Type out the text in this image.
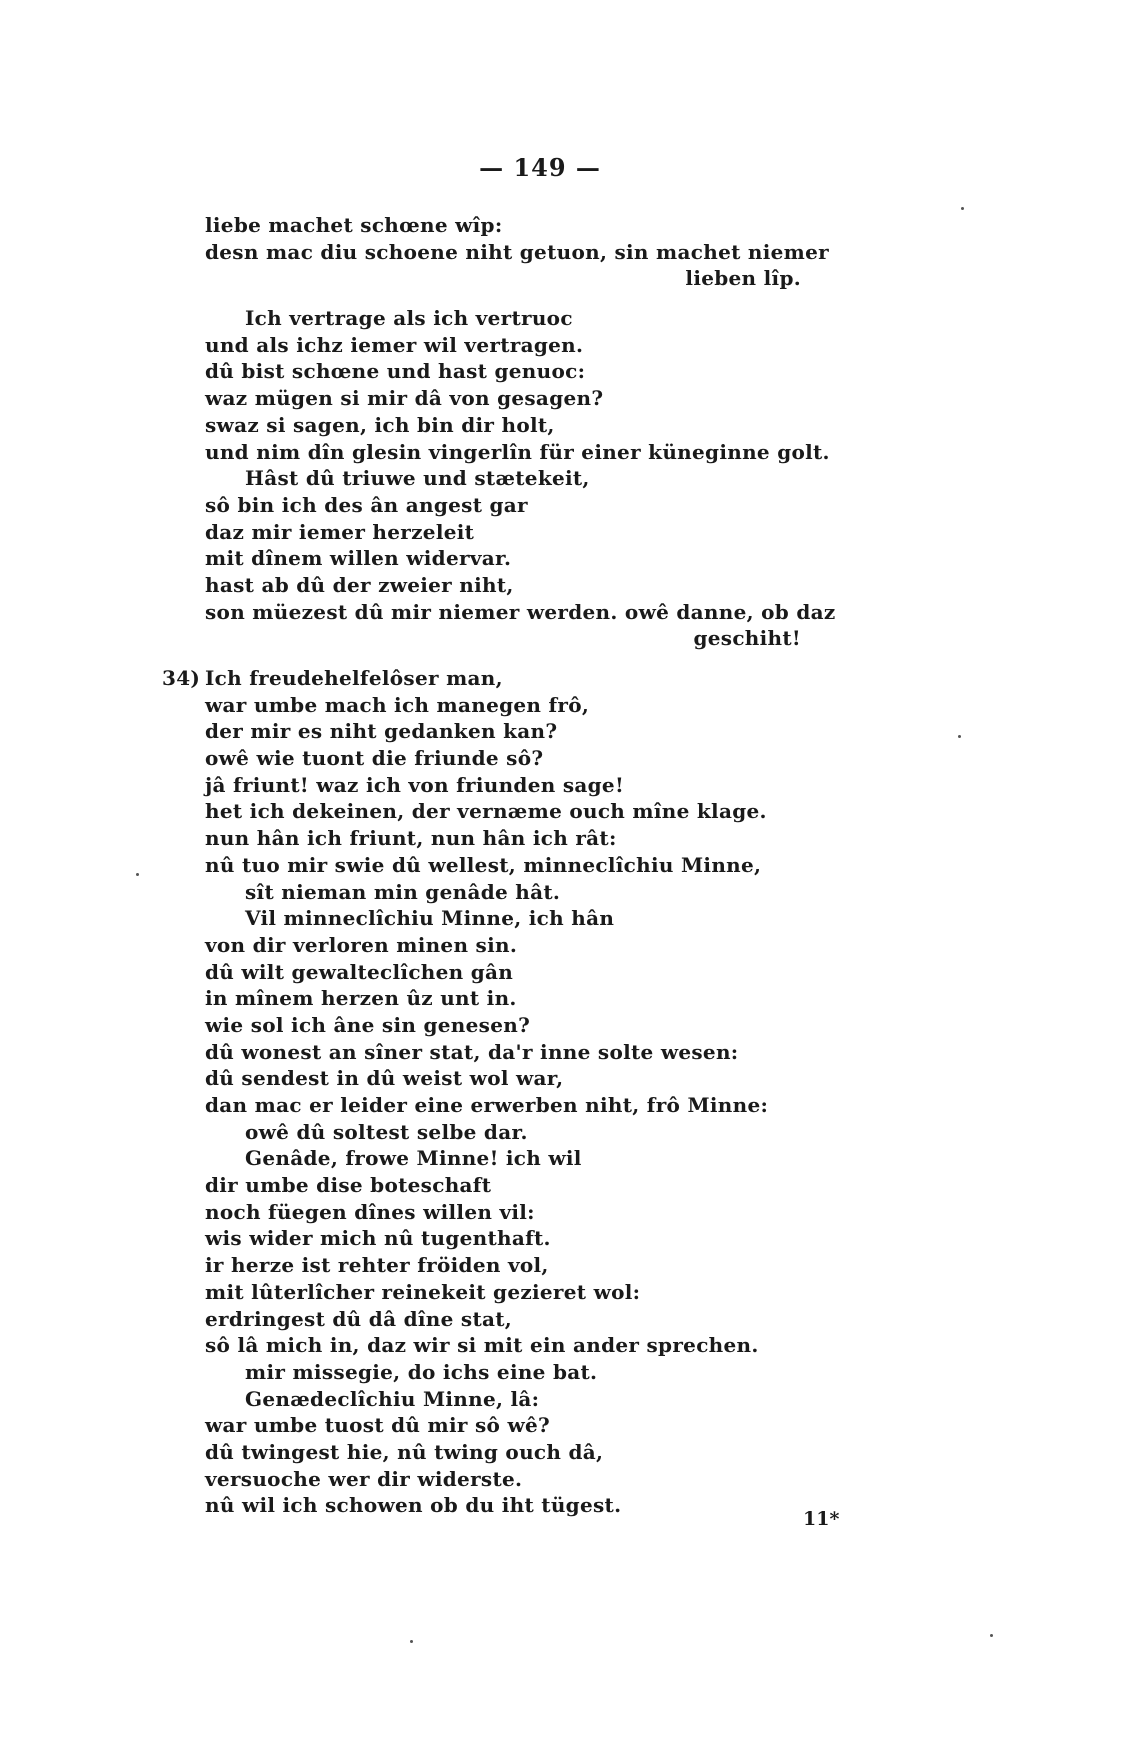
— 149 —
liebe machet schœne wîp:
desn mac diu schoene niht getuon, sin machet niemer
lieben lîp.
Ich vertrage als ich vertruoc
und als ichz iemer wil vertragen.
dû bist schœne und hast genuoc:
waz mügen si mir dâ von gesagen?
swaz si sagen, ich bin dir holt,
und nim dîn glesin vingerlîn für einer küneginne golt.
Hâst dû triuwe und stætekeit,
sô bin ich des ân angest gar
daz mir iemer herzeleit
mit dînem willen widervar.
hast ab dû der zweier niht,
son müezest dû mir niemer werden. owê danne, ob daz
geschiht!
34) Ich freudehelfelôser man,
war umbe mach ich manegen frô,
der mir es niht gedanken kan?
owê wie tuont die friunde sô?
jâ friunt! waz ich von friunden sage!
het ich dekeinen, der vernæme ouch mîne klage.
nun hân ich friunt, nun hân ich rât:
nû tuo mir swie dû wellest, minneclîchiu Minne,
sît nieman min genâde hât.
Vil minneclîchiu Minne, ich hân
von dir verloren minen sin.
dû wilt gewalteclîchen gân
in mînem herzen ûz unt in.
wie sol ich âne sin genesen?
dû wonest an sîner stat, da'r inne solte wesen:
dû sendest in dû weist wol war,
dan mac er leider eine erwerben niht, frô Minne:
owê dû soltest selbe dar.
Genâde, frowe Minne! ich wil
dir umbe dise boteschaft
noch füegen dînes willen vil:
wis wider mich nû tugenthaft.
ir herze ist rehter fröiden vol,
mit lûterlîcher reinekeit gezieret wol:
erdringest dû dâ dîne stat,
sô lâ mich in, daz wir si mit ein ander sprechen.
mir missegie, do ichs eine bat.
Genædeclîchiu Minne, lâ:
war umbe tuost dû mir sô wê?
dû twingest hie, nû twing ouch dâ,
versuoche wer dir widerste.
nû wil ich schowen ob du iht tügest.
11*
